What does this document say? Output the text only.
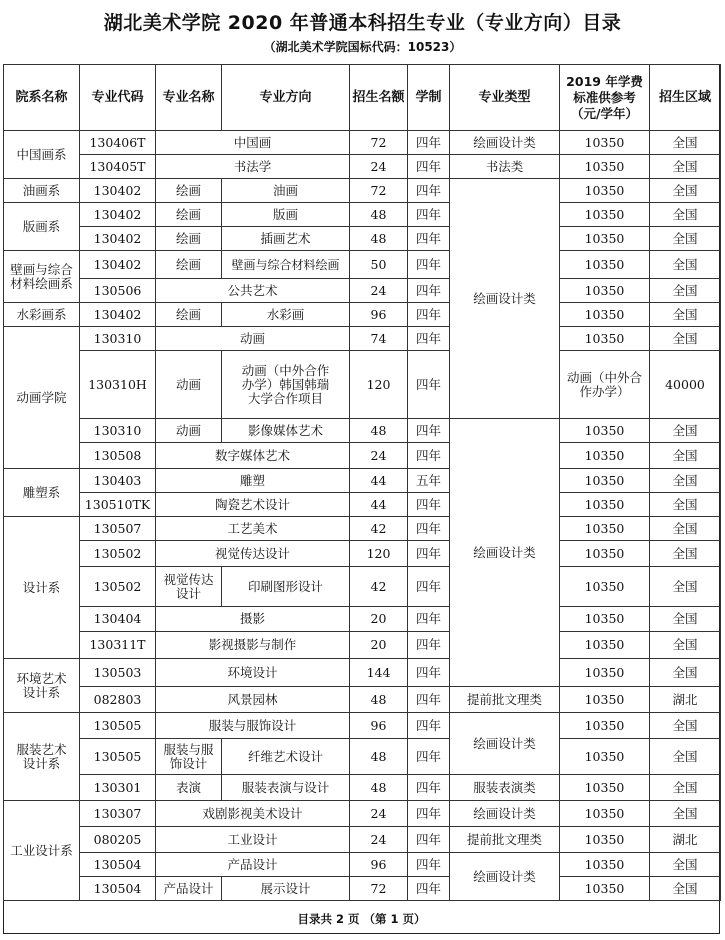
湖北美术学院 2020 年普通本科招生专业（专业方向）目录
（湖北美术学院国标代码：10523）
院系名称	专业代码	专业名称	专业方向	招生名额	学制	专业类型	2019 年学费标准供参考（元/学年）	招生区域	
中国画系	130406T	中国画		72	四年	绘画设计类	10350	全国	
	130405T	书法学		24	四年	书法类	10350	全国	
油画系	130402	绘画	油画	72	四年	绘画设计类	10350	全国	
版画系	130402	绘画	版画	48	四年		10350	全国	
	130402	绘画	插画艺术	48	四年		10350	全国	
壁画与综合材料绘画系	130402	绘画	壁画与综合材料绘画	50	四年		10350	全国	
	130506	公共艺术		24	四年		10350	全国	
水彩画系	130402	绘画	水彩画	96	四年		10350	全国	
动画学院	130310	动画		74	四年		10350	全国	
	130310H	动画	动画（中外合作办学）韩国韩瑞大学合作项目	120	四年		动画（中外合作办学）	40000	
	130310	动画	影像媒体艺术	48	四年	绘画设计类	10350	全国	
	130508	数字媒体艺术		24	四年		10350	全国	
雕塑系	130403	雕塑		44	五年		10350	全国	
	130510TK	陶瓷艺术设计		44	四年		10350	全国	
设计系	130507	工艺美术		42	四年		10350	全国	
	130502	视觉传达设计		120	四年		10350	全国	
	130502	视觉传达设计	印刷图形设计	42	四年		10350	全国	
	130404	摄影		20	四年		10350	全国	
	130311T	影视摄影与制作		20	四年		10350	全国	
环境艺术设计系	130503	环境设计		144	四年		10350	全国	
	082803	风景园林		48	四年	提前批文理类	10350	湖北	
服装艺术设计系	130505	服装与服饰设计		96	四年	绘画设计类	10350	全国	
	130505	服装与服饰设计	纤维艺术设计	48	四年		10350	全国	
	130301	表演	服装表演与设计	48	四年	服装表演类	10350	全国	
工业设计系	130307	戏剧影视美术设计		24	四年	绘画设计类	10350	全国	
	080205	工业设计		24	四年	提前批文理类	10350	湖北	
	130504	产品设计		96	四年	绘画设计类	10350	全国	
	130504	产品设计	展示设计	72	四年		10350	全国	
目录共 2 页 （第 1 页）
